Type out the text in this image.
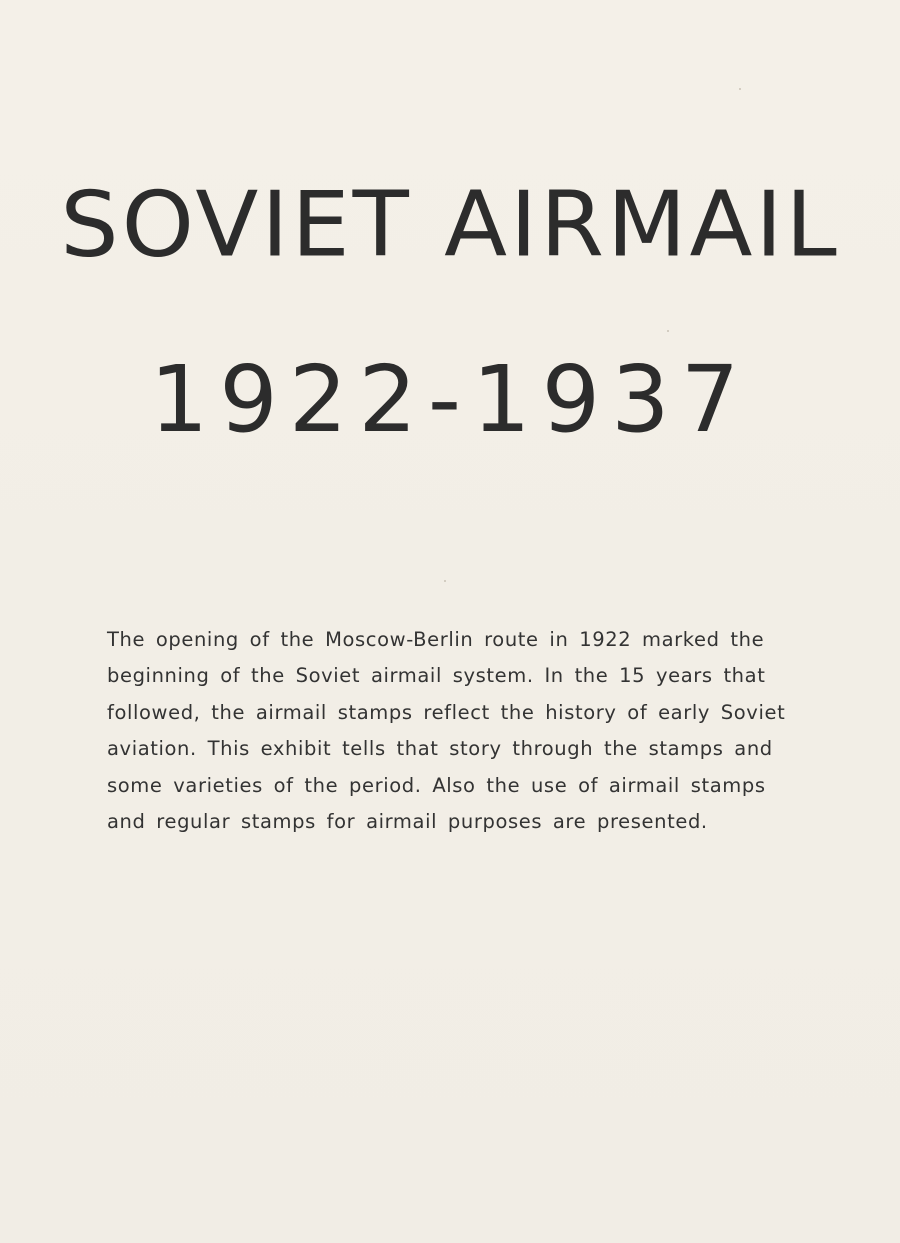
SOVIET AIRMAIL
1922-1937

The opening of the Moscow-Berlin route in 1922 marked the
beginning of the Soviet airmail system. In the 15 years that
followed, the airmail stamps reflect the history of early Soviet
aviation. This exhibit tells that story through the stamps and
some varieties of the period. Also the use of airmail stamps
and regular stamps for airmail purposes are presented.
